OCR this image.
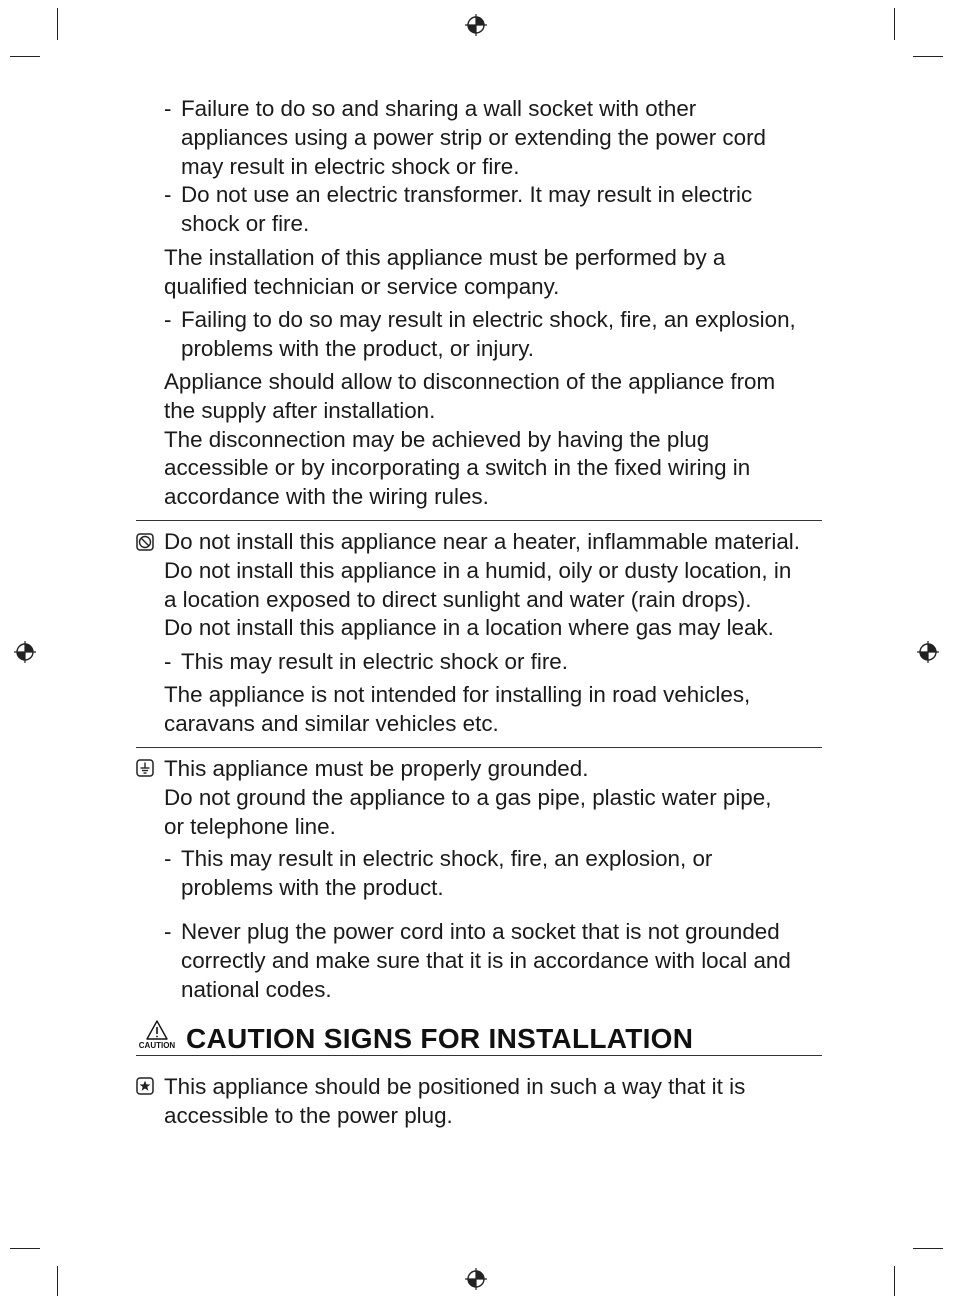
- Failure to do so and sharing a wall socket with other
appliances using a power strip or extending the power cord
may result in electric shock or fire.
- Do not use an electric transformer. It may result in electric
shock or fire.
The installation of this appliance must be performed by a
qualified technician or service company.
- Failing to do so may result in electric shock, fire, an explosion,
problems with the product, or injury.
Appliance should allow to disconnection of the appliance from
the supply after installation.
The disconnection may be achieved by having the plug
accessible or by incorporating a switch in the fixed wiring in
accordance with the wiring rules.
Do not install this appliance near a heater, inflammable material.
Do not install this appliance in a humid, oily or dusty location, in
a location exposed to direct sunlight and water (rain drops).
Do not install this appliance in a location where gas may leak.
- This may result in electric shock or fire.
The appliance is not intended for installing in road vehicles,
caravans and similar vehicles etc.
This appliance must be properly grounded.
Do not ground the appliance to a gas pipe, plastic water pipe,
or telephone line.
- This may result in electric shock, fire, an explosion, or
problems with the product.
- Never plug the power cord into a socket that is not grounded
correctly and make sure that it is in accordance with local and
national codes.
CAUTION CAUTION SIGNS FOR INSTALLATION
This appliance should be positioned in such a way that it is
accessible to the power plug.
